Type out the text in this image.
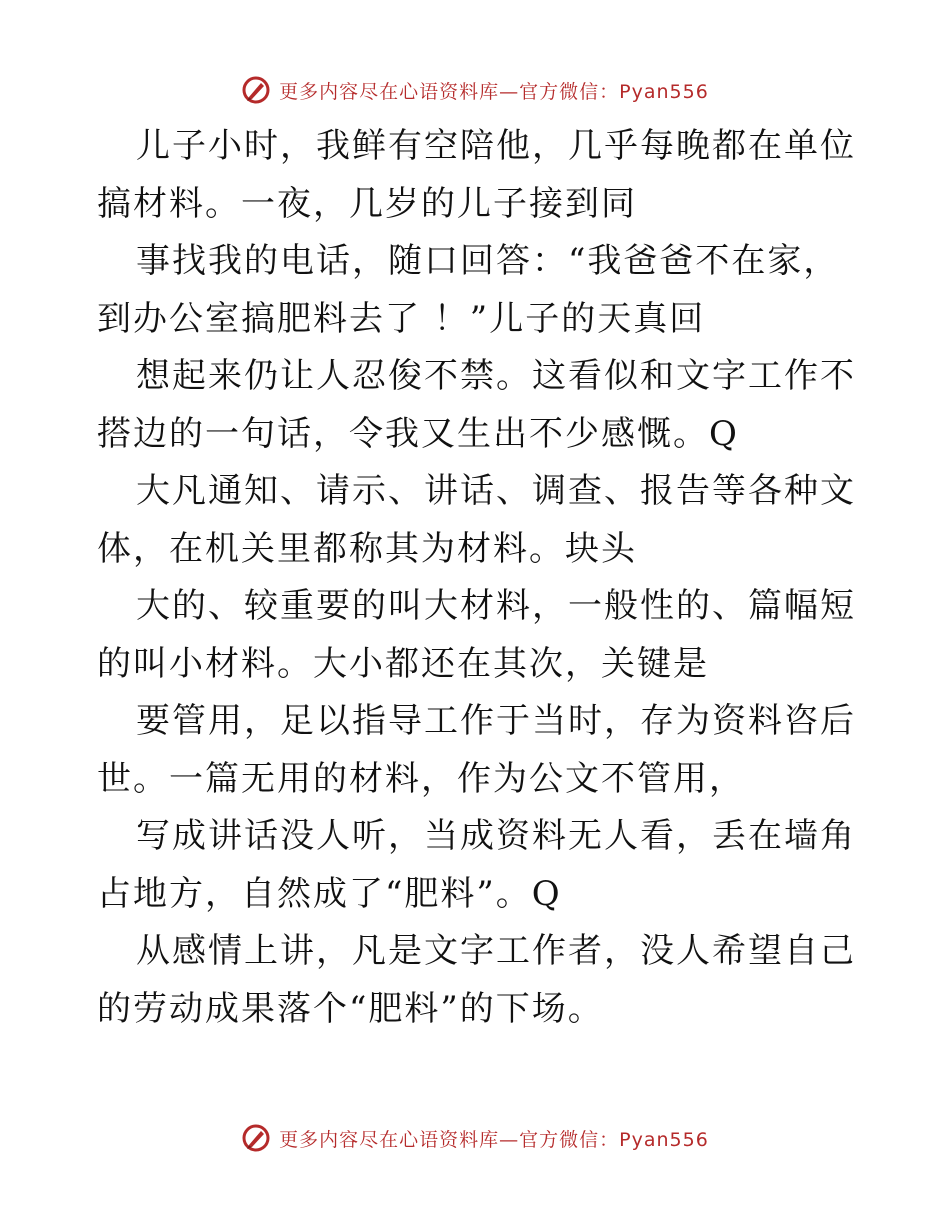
更多内容尽在心语资料库—官方微信：Pyan556

儿子小时，我鲜有空陪他，几乎每晚都在单位搞材料。一夜，几岁的儿子接到同

事找我的电话，随口回答：“我爸爸不在家，到办公室搞肥料去了 ！”儿子的天真回

想起来仍让人忍俊不禁。这看似和文字工作不搭边的一句话，令我又生出不少感慨。Q

大凡通知、请示、讲话、调查、报告等各种文体，在机关里都称其为材料。块头

大的、较重要的叫大材料，一般性的、篇幅短的叫小材料。大小都还在其次，关键是

要管用，足以指导工作于当时，存为资料咨后世。一篇无用的材料，作为公文不管用，

写成讲话没人听，当成资料无人看，丢在墙角占地方，自然成了“肥料”。Q

从感情上讲，凡是文字工作者，没人希望自己的劳动成果落个“肥料”的下场。

更多内容尽在心语资料库—官方微信：Pyan556
